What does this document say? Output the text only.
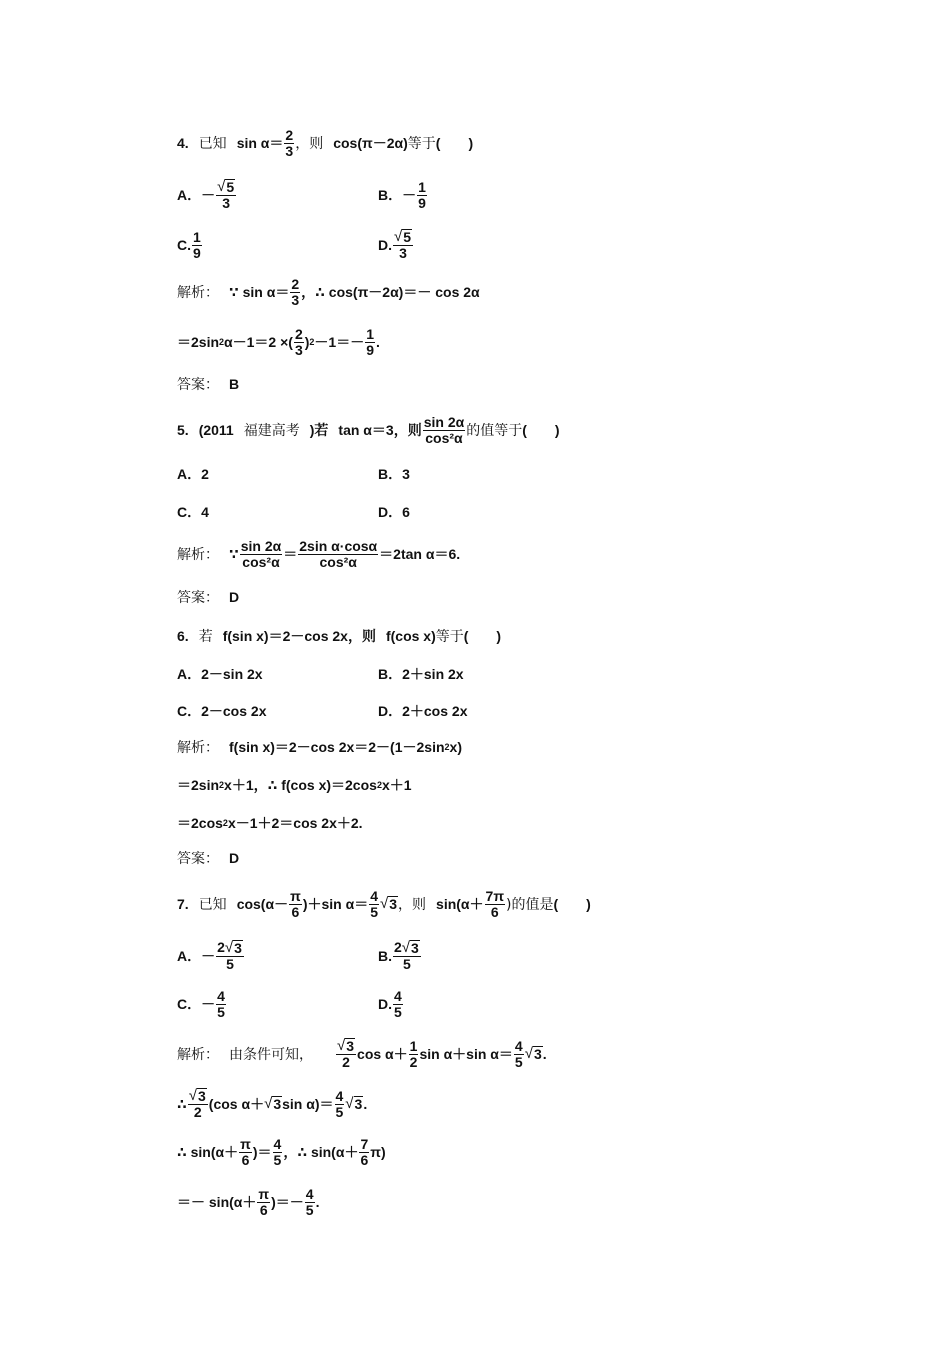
4. 已知 sin α＝
2
3 ，则 cos(π－2α) 等于 (　　)
A．－ √ 5
3	B．－
1
9
C.
1
9	D. √ 5
3
解析： ∵ sin α＝
2
3 ，∴ cos(π－2α)＝－ cos 2α
＝2sin 2 α－1＝2 ×(
2
3 ) 2 －1＝－
1
9 .
答案： B
5. (2011 福建高考 )若 tan α＝3，则
sin 2α
cos²α 的值等于 (　　)
A．2	B．3
C．4	D．6
解析： ∵ sin 2α
cos²α ＝
2sin α·cosα
cos²α ＝2tan α＝6.
答案： D
6. 若 f(sin x)＝2－cos 2x，则 f(cos x) 等于 (　　)
A．2－sin 2x	B．2＋sin 2x
C．2－cos 2x	D．2＋cos 2x
解析： f(sin x)＝2－cos 2x＝2－(1－2sin 2 x)
＝2sin 2 x＋1，∴ f(cos x)＝2cos 2 x＋1
＝2cos 2 x－1＋2＝cos 2x＋2.
答案： D
7. 已知 cos(α－
π
6 )＋sin α＝
4
5 √ 3 ，则 sin(α＋
7π
6 )的值是 (　　)
A．－
2 √ 3
5	B.
2 √ 3
5
C．－
4
5	D.
4
5
解析： 由条件可知，
√ 3
2 cos α＋
1
2 sin α＋sin α＝
4
5 √ 3 .
∴ √ 3
2 (cos α＋ √ 3 sin α)＝
4
5 √ 3 .
∴ sin(α＋
π
6 )＝
4
5 ，∴ sin(α＋
7
6 π)
＝－ sin(α＋
π
6 )＝－
4
5 .
